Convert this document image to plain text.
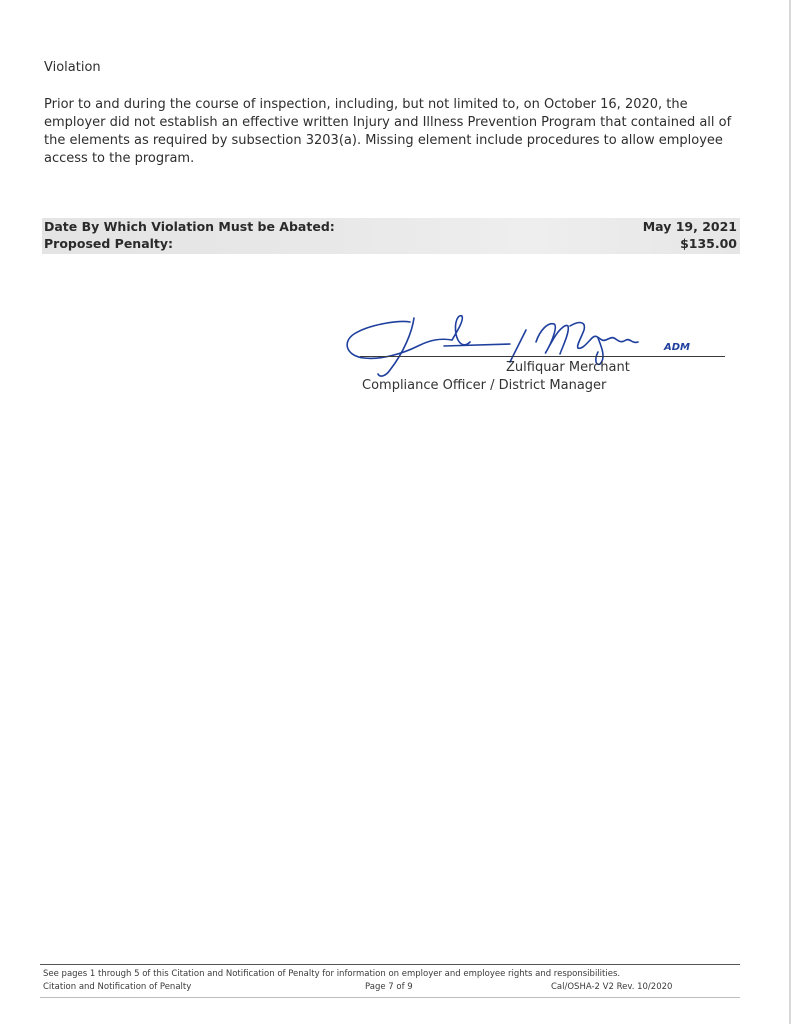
Violation
Prior to and during the course of inspection, including, but not limited to, on October 16, 2020, the employer did not establish an effective written Injury and Illness Prevention Program that contained all of the elements as required by subsection 3203(a). Missing element include procedures to allow employee access to the program.
Date By Which Violation Must be Abated:	May 19, 2021
Proposed Penalty:	$135.00
ADM
Zulfiquar Merchant
Compliance Officer / District Manager
See pages 1 through 5 of this Citation and Notification of Penalty for information on employer and employee rights and responsibilities.
Citation and Notification of Penalty	Page 7 of 9	Cal/OSHA-2 V2 Rev. 10/2020
